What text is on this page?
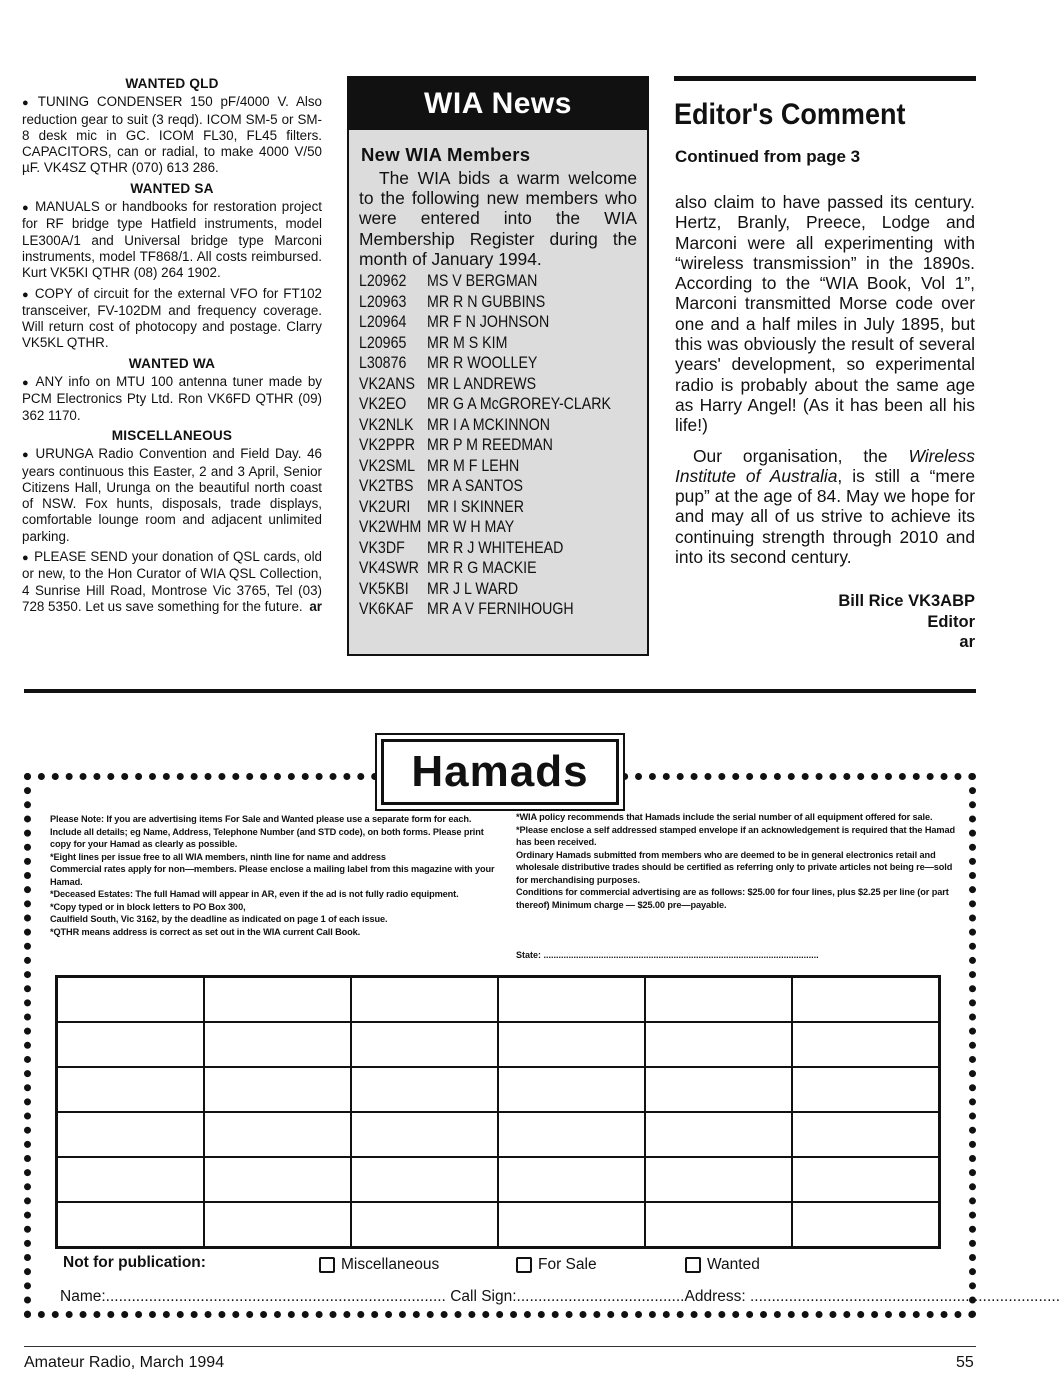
WANTED QLD

● TUNING CONDENSER 150 pF/4000 V. Also reduction gear to suit (3 reqd). ICOM SM-5 or SM-8 desk mic in GC. ICOM FL30, FL45 filters. CAPACITORS, can or radial, to make 4000 V/50 µF. VK4SZ QTHR (070) 613 286.

WANTED SA

● MANUALS or handbooks for restoration project for RF bridge type Hatfield instruments, model LE300A/1 and Universal bridge type Marconi instruments, model TF868/1. All costs reimbursed. Kurt VK5KI QTHR (08) 264 1902.

● COPY of circuit for the external VFO for FT102 transceiver, FV-102DM and frequency coverage. Will return cost of photocopy and postage. Clarry VK5KL QTHR.

WANTED WA

● ANY info on MTU 100 antenna tuner made by PCM Electronics Pty Ltd. Ron VK6FD QTHR (09) 362 1170.

MISCELLANEOUS

● URUNGA Radio Convention and Field Day. 46 years continuous this Easter, 2 and 3 April, Senior Citizens Hall, Urunga on the beautiful north coast of NSW. Fox hunts, disposals, trade displays, comfortable lounge room and adjacent unlimited parking.

● PLEASE SEND your donation of QSL cards, old or new, to the Hon Curator of WIA QSL Collection, 4 Sunrise Hill Road, Montrose Vic 3765, Tel (03) 728 5350. Let us save something for the future. ar
WIA News
New WIA Members

The WIA bids a warm welcome to the following new members who were entered into the WIA Membership Register during the month of January 1994.

L20962	MS V BERGMAN
L20963	MR R N GUBBINS
L20964	MR F N JOHNSON
L20965	MR M S KIM
L30876	MR R WOOLLEY
VK2ANS MR L ANDREWS
VK2EO	MR G A McGROREY-CLARK
VK2NLK MR I A MCKINNON
VK2PPR MR P M REEDMAN
VK2SML MR M F LEHN
VK2TBS MR A SANTOS
VK2URI	MR I SKINNER
VK2WHM MR W H MAY
VK3DF	MR R J WHITEHEAD
VK4SWR MR R G MACKIE
VK5KBI	MR J L WARD
VK6KAF MR A V FERNIHOUGH
Editor's Comment
Continued from page 3

also claim to have passed its century. Hertz, Branly, Preece, Lodge and Marconi were all experimenting with “wireless transmission” in the 1890s. According to the “WIA Book, Vol 1”, Marconi transmitted Morse code over one and a half miles in July 1895, but this was obviously the result of several years' development, so experimental radio is probably about the same age as Harry Angel! (As it has been all his life!)

Our organisation, the Wireless Institute of Australia, is still a “mere pup” at the age of 84. May we hope for and may all of us strive to achieve its continuing strength through 2010 and into its second century.

Bill Rice VK3ABP
Editor
ar
Hamads
Please Note: If you are advertising items For Sale and Wanted please use a separate form for each. Include all details; eg Name, Address, Telephone Number (and STD code), on both forms. Please print copy for your Hamad as clearly as possible.
*Eight lines per issue free to all WIA members, ninth line for name and address
Commercial rates apply for non—members. Please enclose a mailing label from this magazine with your Hamad.
*Deceased Estates: The full Hamad will appear in AR, even if the ad is not fully radio equipment.
*Copy typed or in block letters to PO Box 300,
Caulfield South, Vic 3162, by the deadline as indicated on page 1 of each issue.
*QTHR means address is correct as set out in the WIA current Call Book.
*WIA policy recommends that Hamads include the serial number of all equipment offered for sale.
*Please enclose a self addressed stamped envelope if an acknowledgement is required that the Hamad has been received.
Ordinary Hamads submitted from members who are deemed to be in general electronics retail and wholesale distributive trades should be certified as referring only to private articles not being re—sold for merchandising purposes.
Conditions for commercial advertising are as follows: $25.00 for four lines, plus $2.25 per line (or part thereof) Minimum charge — $25.00 pre—payable.
State: ..............................................................................................................

Not for publication:	Miscellaneous	For Sale	Wanted
Name:............................................................................... Call Sign:.......................................Address: ........................................................................
Amateur Radio, March 1994	55
